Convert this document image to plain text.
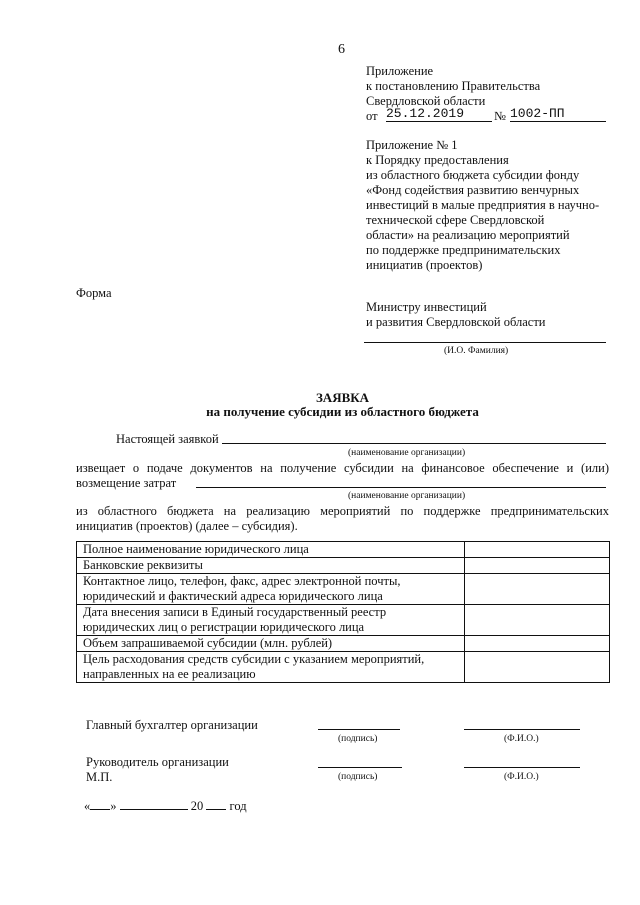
6
Приложение
к постановлению Правительства
Свердловской области
от 25.12.2019	№ 1002-ПП
Приложение № 1
к Порядку предоставления
из областного бюджета субсидии фонду
«Фонд содействия развитию венчурных
инвестиций в малые предприятия в научно-
технической сфере Свердловской
области» на реализацию мероприятий
по поддержке предпринимательских
инициатив (проектов)
Форма
Министру инвестиций
и развития Свердловской области
(И.О. Фамилия)
ЗАЯВКА
на получение субсидии из областного бюджета
Настоящей заявкой
(наименование организации)
извещает о подаче документов на получение субсидии на финансовое обеспечение и (или)
возмещение затрат
(наименование организации)
из областного бюджета на реализацию мероприятий по поддержке предпринимательских
инициатив (проектов) (далее – субсидия).
Полное наименование юридического лица	

Банковские реквизиты	

Контактное лицо, телефон, факс, адрес электронной почты,
юридический и фактический адреса юридического лица	

Дата внесения записи в Единый государственный реестр
юридических лиц о регистрации юридического лица	

Объем запрашиваемой субсидии (млн. рублей)	

Цель расходования средств субсидии с указанием мероприятий,
направленных на ее реализацию	

Главный бухгалтер организации
(подпись)	(Ф.И.О.)
Руководитель организации
М.П.	(подпись)	(Ф.И.О.)
« »	20 год
